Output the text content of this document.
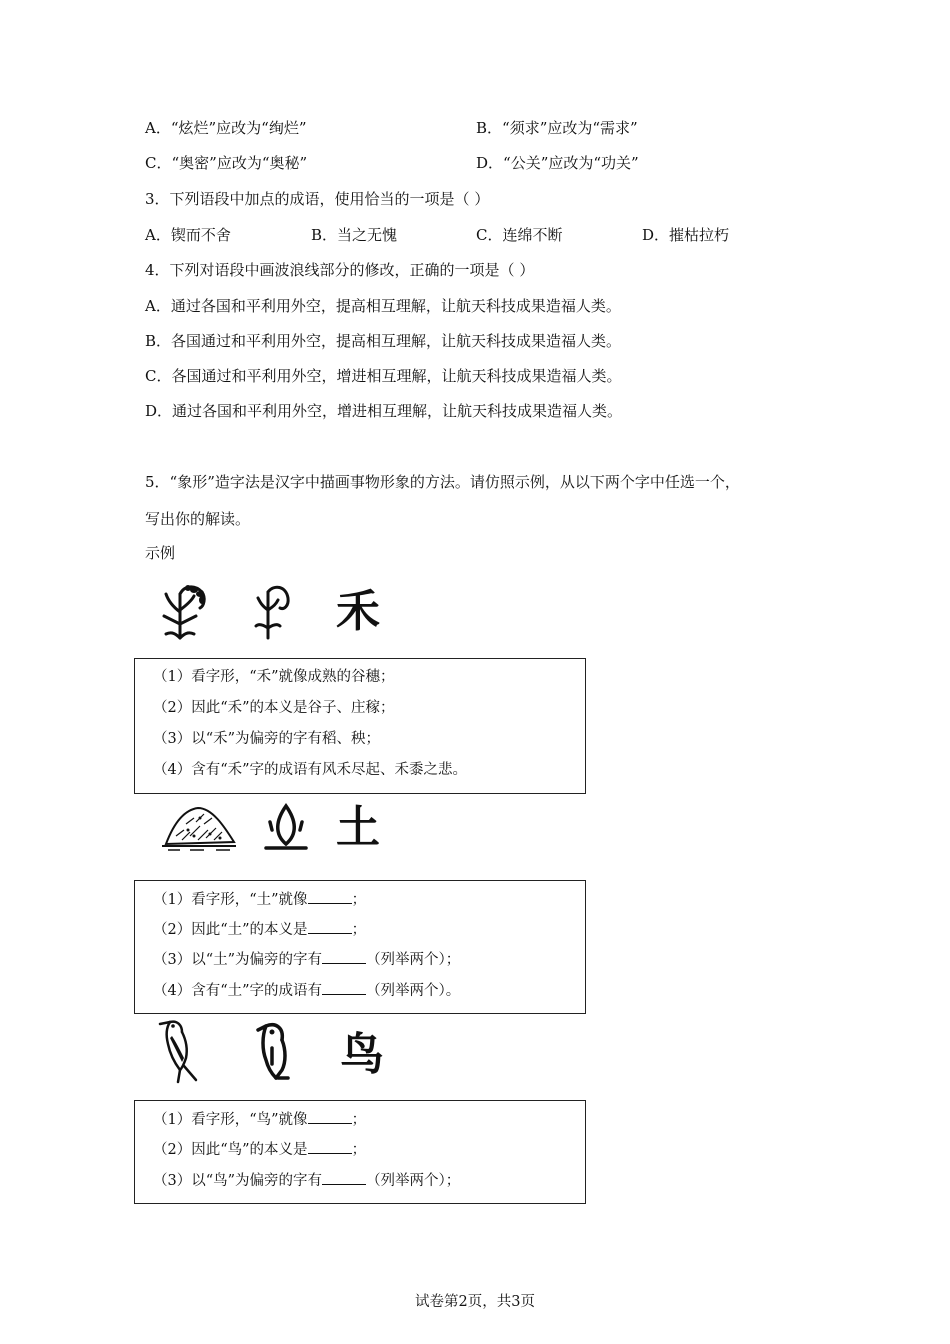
A．“炫烂”应改为“绚烂”	B．“须求”应改为“需求”
C．“奥密”应改为“奥秘”	D．“公关”应改为“功关”
3．下列语段中加点的成语，使用恰当的一项是（ ）
A．锲而不舍	B．当之无愧	C．连绵不断	D．摧枯拉朽
4．下列对语段中画波浪线部分的修改，正确的一项是（ ）
A．通过各国和平利用外空，提高相互理解，让航天科技成果造福人类。
B．各国通过和平利用外空，提高相互理解，让航天科技成果造福人类。
C．各国通过和平利用外空，增进相互理解，让航天科技成果造福人类。
D．通过各国和平利用外空，增进相互理解，让航天科技成果造福人类。
5．“象形”造字法是汉字中描画事物形象的方法。请仿照示例，从以下两个字中任选一个，
写出你的解读。
示例
禾
（1）看字形，“禾”就像成熟的谷穗；
（2）因此“禾”的本义是谷子、庄稼；
（3）以“禾”为偏旁的字有稻、秧；
（4）含有“禾”字的成语有风禾尽起、禾黍之悲。
土
（1）看字形，“土”就像	；
（2）因此“土”的本义是	；
（3）以“土”为偏旁的字有	（列举两个）；
（4）含有“土”字的成语有	（列举两个）。
鸟
（1）看字形，“鸟”就像	；
（2）因此“鸟”的本义是	；
（3）以“鸟”为偏旁的字有	（列举两个）；
试卷第2页，共3页
